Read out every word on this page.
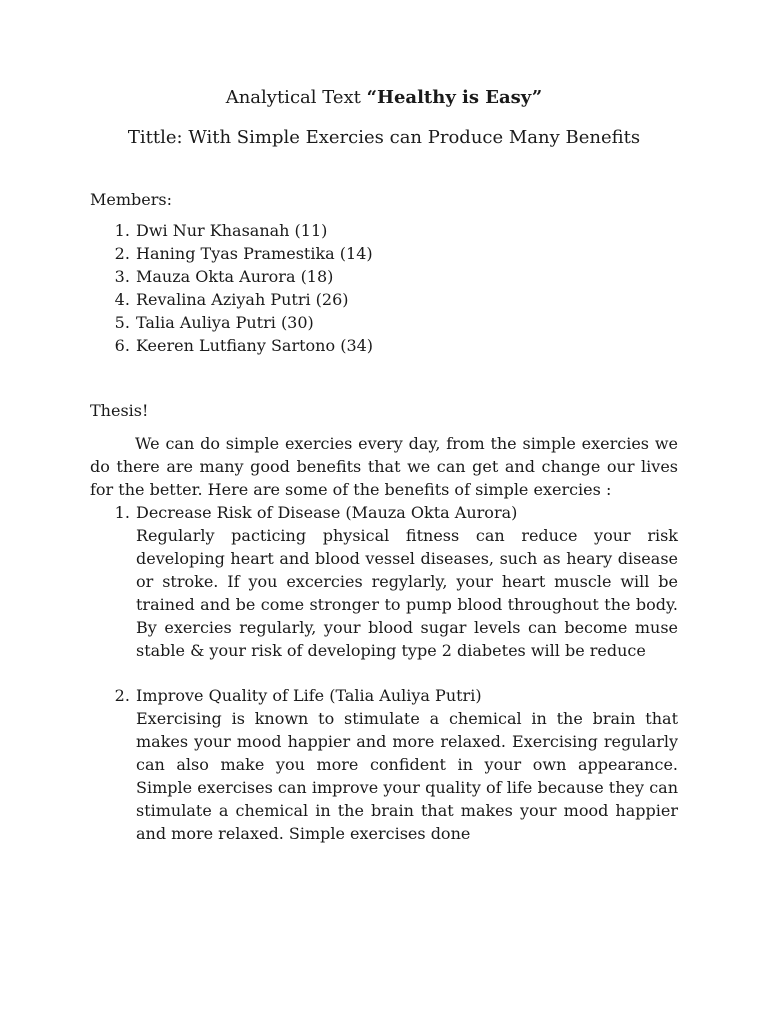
Analytical Text “Healthy is Easy”

Tittle: With Simple Exercies can Produce Many Benefits

Members:

1. Dwi Nur Khasanah (11)
2. Haning Tyas Pramestika (14)
3. Mauza Okta Aurora (18)
4. Revalina Aziyah Putri (26)
5. Talia Auliya Putri (30)
6. Keeren Lutfiany Sartono (34)

Thesis!

We can do simple exercies every day, from the simple exercies we do there are many good benefits that we can get and change our lives for the better. Here are some of the benefits of simple exercies :

1. Decrease Risk of Disease (Mauza Okta Aurora)

Regularly pacticing physical fitness can reduce your risk developing heart and blood vessel diseases, such as heary disease or stroke. If you excercies regylarly, your heart muscle will be trained and be come stronger to pump blood throughout the body. By exercies regularly, your blood sugar levels can become muse stable & your risk of developing type 2 diabetes will be reduce

2. Improve Quality of Life (Talia Auliya Putri)

Exercising is known to stimulate a chemical in the brain that makes your mood happier and more relaxed. Exercising regularly can also make you more confident in your own appearance. Simple exercises can improve your quality of life because they can stimulate a chemical in the brain that makes your mood happier and more relaxed. Simple exercises done
